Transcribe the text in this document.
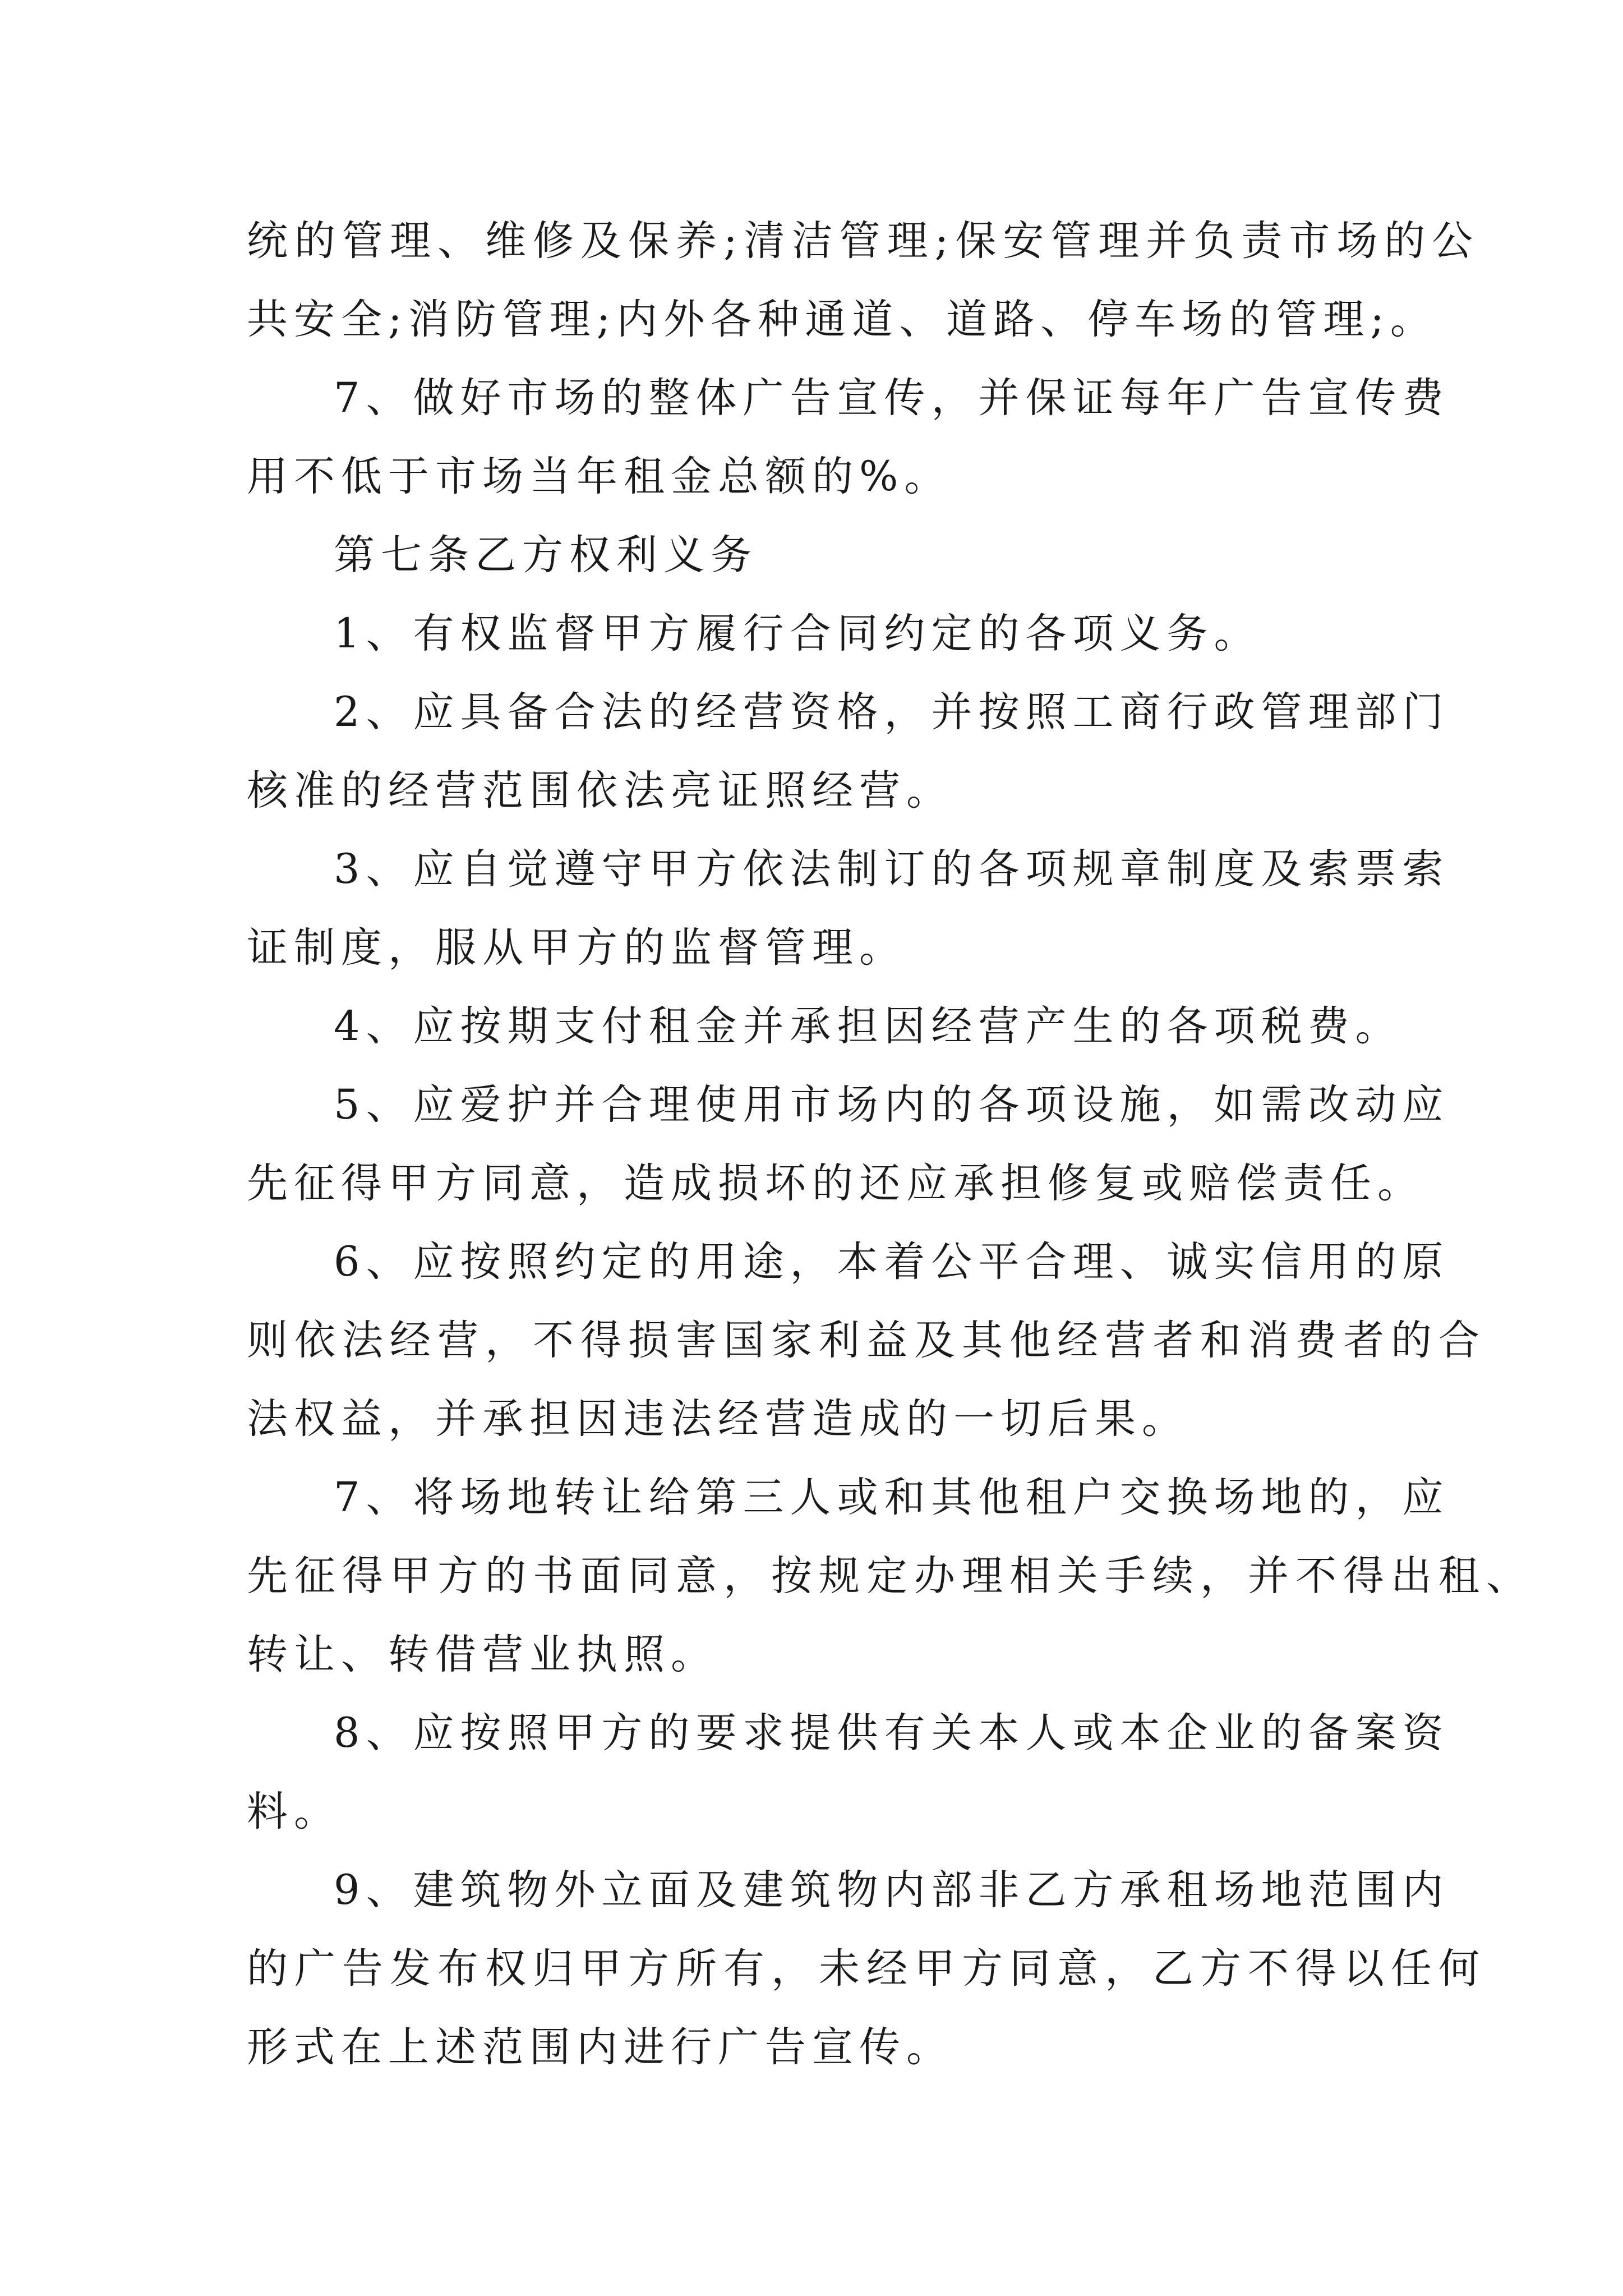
统的管理、维修及保养;清洁管理;保安管理并负责市场的公

共安全;消防管理;内外各种通道、道路、停车场的管理;。

7、做好市场的整体广告宣传，并保证每年广告宣传费

用不低于市场当年租金总额的%。

第七条乙方权利义务

1、有权监督甲方履行合同约定的各项义务。

2、应具备合法的经营资格，并按照工商行政管理部门

核准的经营范围依法亮证照经营。

3、应自觉遵守甲方依法制订的各项规章制度及索票索

证制度，服从甲方的监督管理。

4、应按期支付租金并承担因经营产生的各项税费。

5、应爱护并合理使用市场内的各项设施，如需改动应

先征得甲方同意，造成损坏的还应承担修复或赔偿责任。

6、应按照约定的用途，本着公平合理、诚实信用的原

则依法经营，不得损害国家利益及其他经营者和消费者的合

法权益，并承担因违法经营造成的一切后果。

7、将场地转让给第三人或和其他租户交换场地的，应

先征得甲方的书面同意，按规定办理相关手续，并不得出租、

转让、转借营业执照。

8、应按照甲方的要求提供有关本人或本企业的备案资

料。

9、建筑物外立面及建筑物内部非乙方承租场地范围内

的广告发布权归甲方所有，未经甲方同意，乙方不得以任何

形式在上述范围内进行广告宣传。
